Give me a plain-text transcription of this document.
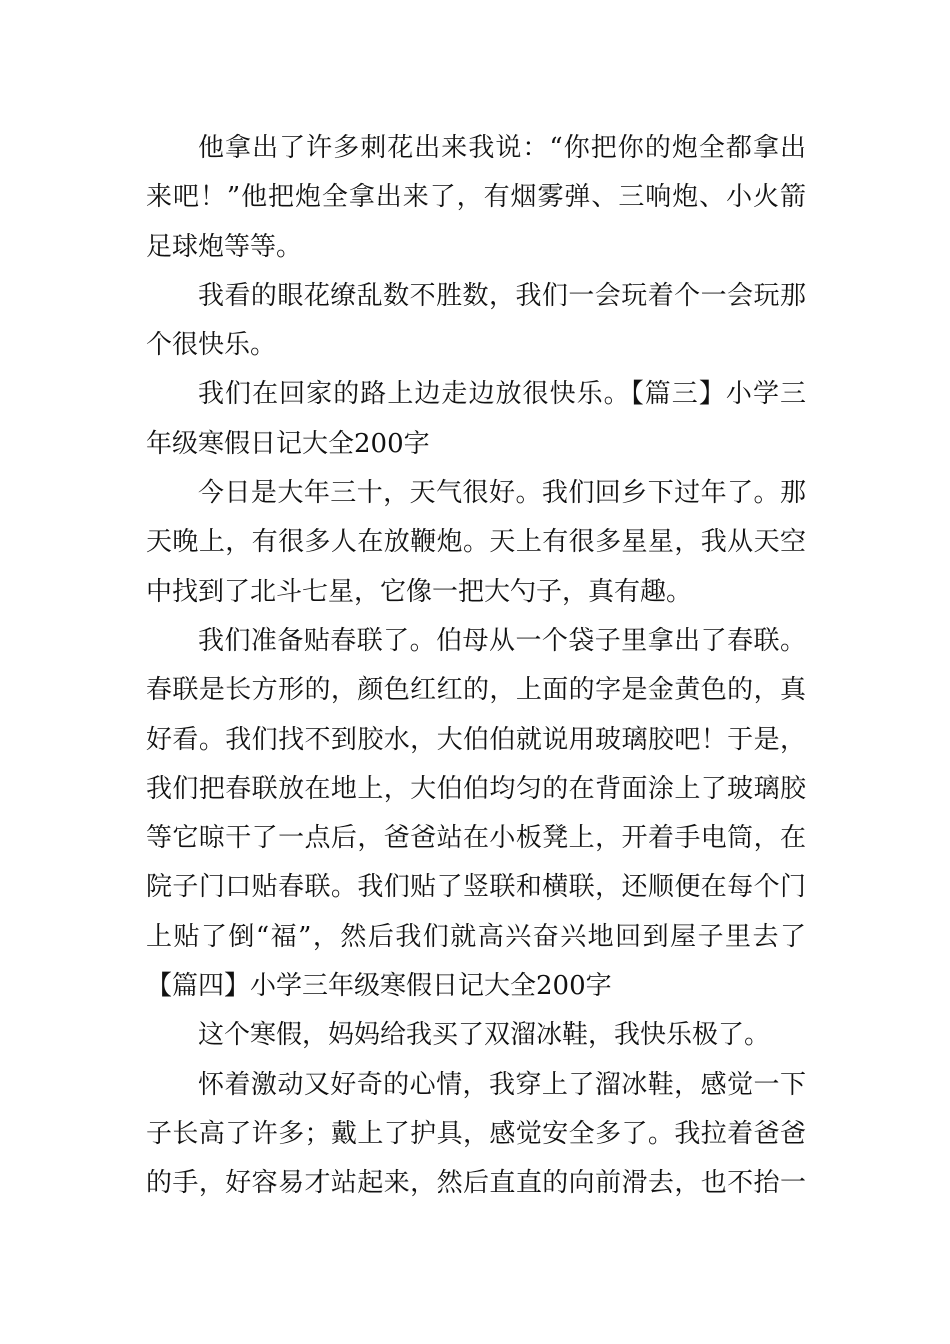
他拿出了许多刺花出来我说：“你把你的炮全都拿出
来吧！”他把炮全拿出来了，有烟雾弹、三响炮、小火箭
足球炮等等。
我看的眼花缭乱数不胜数，我们一会玩着个一会玩那
个很快乐。
我们在回家的路上边走边放很快乐。【篇三】小学三
年级寒假日记大全200字
今日是大年三十，天气很好。我们回乡下过年了。那
天晚上，有很多人在放鞭炮。天上有很多星星，我从天空
中找到了北斗七星，它像一把大勺子，真有趣。
我们准备贴春联了。伯母从一个袋子里拿出了春联。
春联是长方形的，颜色红红的，上面的字是金黄色的，真
好看。我们找不到胶水，大伯伯就说用玻璃胶吧！于是，
我们把春联放在地上，大伯伯均匀的在背面涂上了玻璃胶
等它晾干了一点后，爸爸站在小板凳上，开着手电筒，在
院子门口贴春联。我们贴了竖联和横联，还顺便在每个门
上贴了倒“福”，然后我们就高兴奋兴地回到屋子里去了
【篇四】小学三年级寒假日记大全200字
这个寒假，妈妈给我买了双溜冰鞋，我快乐极了。
怀着激动又好奇的心情，我穿上了溜冰鞋，感觉一下
子长高了许多；戴上了护具，感觉安全多了。我拉着爸爸
的手，好容易才站起来，然后直直的向前滑去，也不抬一
